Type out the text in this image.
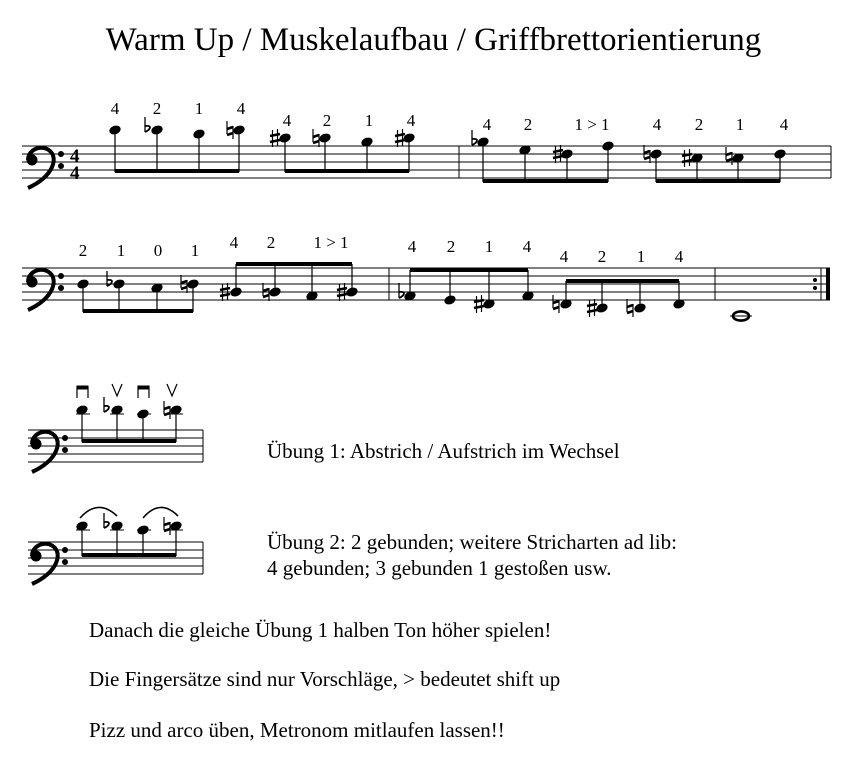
Warm Up / Muskelaufbau / Griffbrettorientierung
4
4
4 2 1 4
4 2 1 4	4 2 1 > 1	4 2 1 4
2 1 0 1 4 2 1 > 1	4 2 1 4
4 2 1 4
Übung 1: Abstrich / Aufstrich im Wechsel
Übung 2: 2 gebunden; weitere Stricharten ad lib:
4 gebunden; 3 gebunden 1 gestoßen usw.
Danach die gleiche Übung 1 halben Ton höher spielen!
Die Fingersätze sind nur Vorschläge, > bedeutet shift up
Pizz und arco üben, Metronom mitlaufen lassen!!
